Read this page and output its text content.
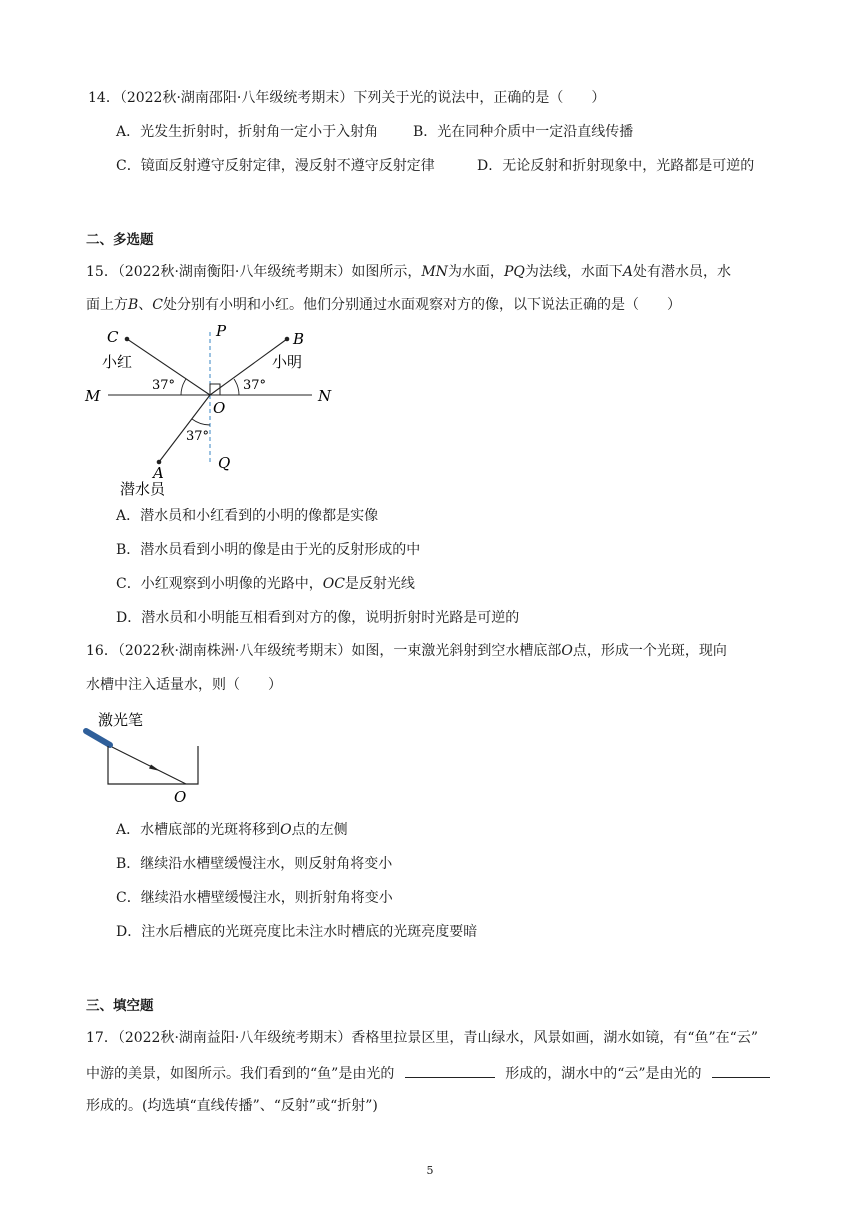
14．（2022秋·湖南邵阳·八年级统考期末）下列关于光的说法中，正确的是（　　）
A．光发生折射时，折射角一定小于入射角 B．光在同种介质中一定沿直线传播
C．镜面反射遵守反射定律，漫反射不遵守反射定律	D．无论反射和折射现象中，光路都是可逆的
二、多选题
15．（2022秋·湖南衡阳·八年级统考期末）如图所示，MN为水面，PQ为法线，水面下A处有潜水员，水
面上方B、C处分别有小明和小红。他们分别通过水面观察对方的像，以下说法正确的是（　　）
C	B
P
M	N
O
Q
A
小红	小明
潜水员
37°	37°
37°
A．潜水员和小红看到的小明的像都是实像
B．潜水员看到小明的像是由于光的反射形成的中
C．小红观察到小明像的光路中，OC是反射光线
D．潜水员和小明能互相看到对方的像，说明折射时光路是可逆的
16．（2022秋·湖南株洲·八年级统考期末）如图，一束激光斜射到空水槽底部O点，形成一个光斑，现向
水槽中注入适量水，则（　　）
激光笔
O
A．水槽底部的光斑将移到O点的左侧
B．继续沿水槽壁缓慢注水，则反射角将变小
C．继续沿水槽壁缓慢注水，则折射角将变小
D．注水后槽底的光斑亮度比未注水时槽底的光斑亮度要暗
三、填空题
17．（2022秋·湖南益阳·八年级统考期末）香格里拉景区里，青山绿水，风景如画，湖水如镜，有“鱼”在“云”
中游的美景，如图所示。我们看到的“鱼”是由光的	形成的，湖水中的“云”是由光的
形成的。(均选填“直线传播”、“反射”或“折射”)
5
